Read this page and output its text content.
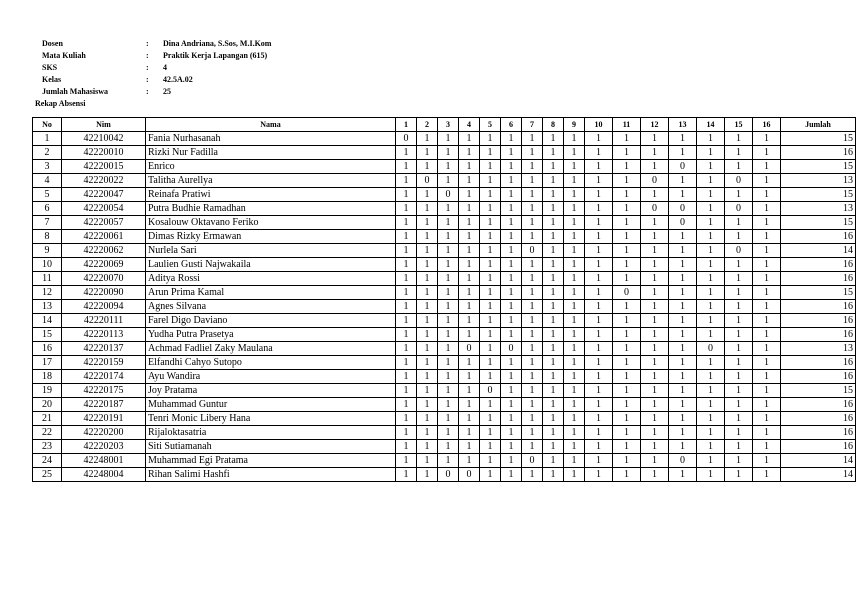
Dosen	: Dina Andriana, S.Sos, M.I.Kom
Mata Kuliah	: Praktik Kerja Lapangan (615)
SKS	: 4
Kelas	: 42.5A.02
Jumlah Mahasiswa	: 25
Rekap Absensi
No	Nim	Nama	1	2	3	4	5	6	7	8	9	10	11	12	13	14	15	16	Jumlah
1	42210042	Fania Nurhasanah	0	1	1	1	1	1	1	1	1	1	1	1	1	1	1	1	15
2	42220010	Rizki Nur Fadilla	1	1	1	1	1	1	1	1	1	1	1	1	1	1	1	1	16
3	42220015	Enrico	1	1	1	1	1	1	1	1	1	1	1	1	0	1	1	1	15
4	42220022	Talitha Aurellya	1	0	1	1	1	1	1	1	1	1	1	0	1	1	0	1	13
5	42220047	Reinafa Pratiwi	1	1	0	1	1	1	1	1	1	1	1	1	1	1	1	1	15
6	42220054	Putra Budhie Ramadhan	1	1	1	1	1	1	1	1	1	1	1	0	0	1	0	1	13
7	42220057	Kosalouw Oktavano Feriko	1	1	1	1	1	1	1	1	1	1	1	1	0	1	1	1	15
8	42220061	Dimas Rizky Ermawan	1	1	1	1	1	1	1	1	1	1	1	1	1	1	1	1	16
9	42220062	Nurlela Sari	1	1	1	1	1	1	0	1	1	1	1	1	1	1	0	1	14
10	42220069	Laulien Gusti Najwakaila	1	1	1	1	1	1	1	1	1	1	1	1	1	1	1	1	16
11	42220070	Aditya Rossi	1	1	1	1	1	1	1	1	1	1	1	1	1	1	1	1	16
12	42220090	Arun Prima Kamal	1	1	1	1	1	1	1	1	1	1	0	1	1	1	1	1	15
13	42220094	Agnes Silvana	1	1	1	1	1	1	1	1	1	1	1	1	1	1	1	1	16
14	42220111	Farel Digo Daviano	1	1	1	1	1	1	1	1	1	1	1	1	1	1	1	1	16
15	42220113	Yudha Putra Prasetya	1	1	1	1	1	1	1	1	1	1	1	1	1	1	1	1	16
16	42220137	Achmad Fadliel Zaky Maulana	1	1	1	0	1	0	1	1	1	1	1	1	1	0	1	1	13
17	42220159	Elfandhi Cahyo Sutopo	1	1	1	1	1	1	1	1	1	1	1	1	1	1	1	1	16
18	42220174	Ayu Wandira	1	1	1	1	1	1	1	1	1	1	1	1	1	1	1	1	16
19	42220175	Joy Pratama	1	1	1	1	0	1	1	1	1	1	1	1	1	1	1	1	15
20	42220187	Muhammad Guntur	1	1	1	1	1	1	1	1	1	1	1	1	1	1	1	1	16
21	42220191	Tenri Monic Libery Hana	1	1	1	1	1	1	1	1	1	1	1	1	1	1	1	1	16
22	42220200	Rijaloktasatria	1	1	1	1	1	1	1	1	1	1	1	1	1	1	1	1	16
23	42220203	Siti Sutiamanah	1	1	1	1	1	1	1	1	1	1	1	1	1	1	1	1	16
24	42248001	Muhammad Egi Pratama	1	1	1	1	1	1	0	1	1	1	1	1	0	1	1	1	14
25	42248004	Rihan Salimi Hashfi	1	1	0	0	1	1	1	1	1	1	1	1	1	1	1	1	14
